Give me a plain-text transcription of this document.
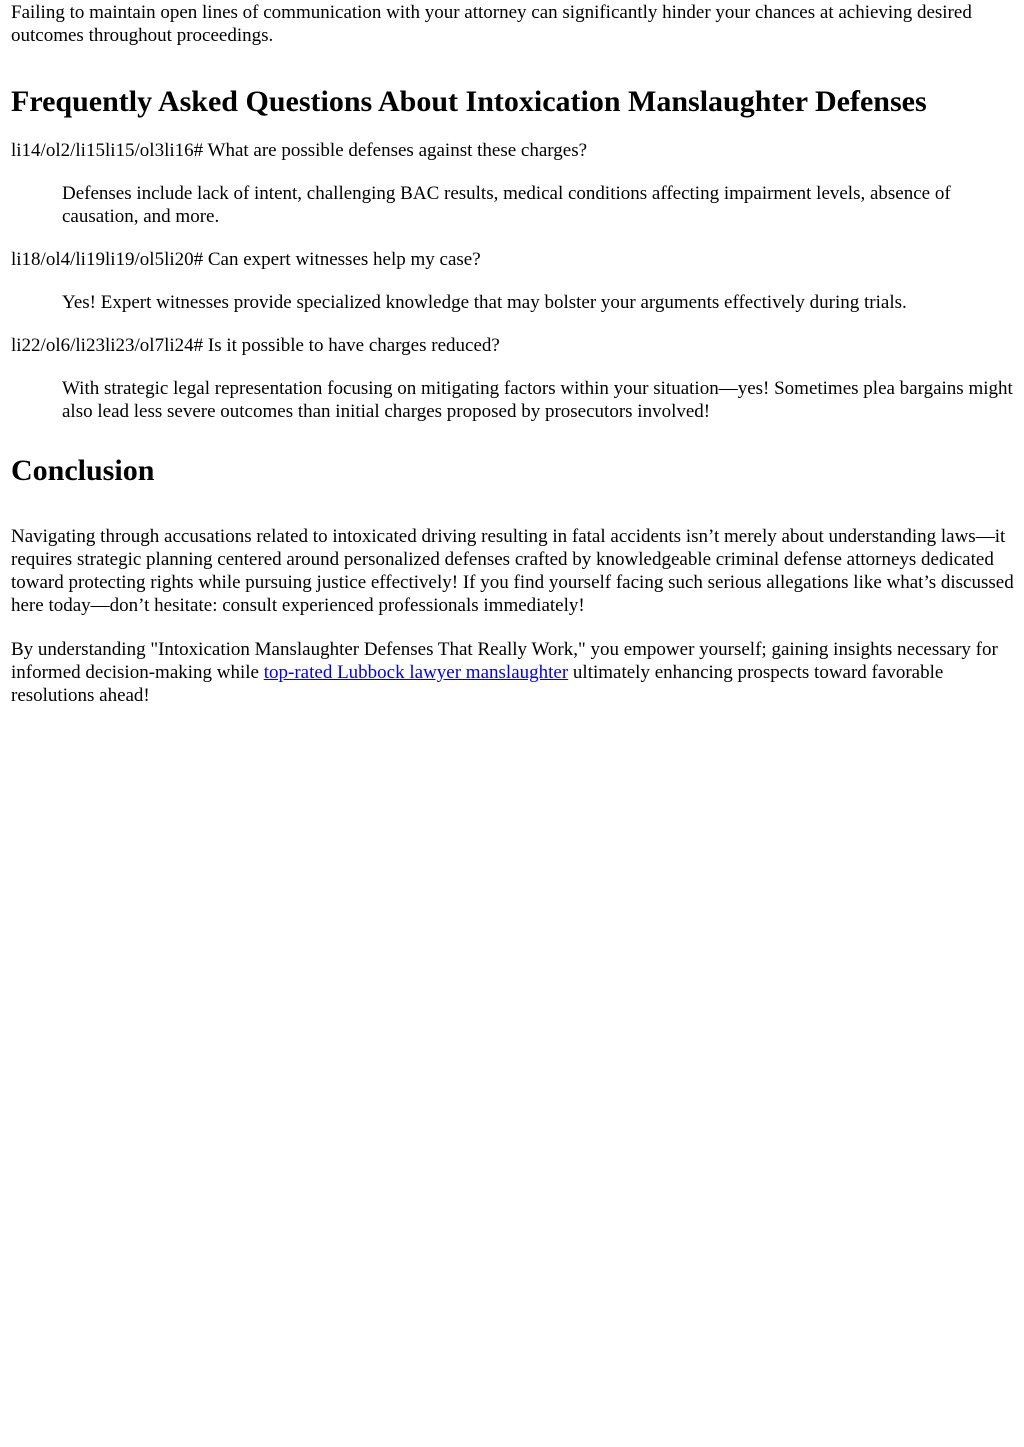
Failing to maintain open lines of communication with your attorney can significantly hinder your chances at achieving desired outcomes throughout proceedings.

Frequently Asked Questions About Intoxication Manslaughter Defenses

li14/ol2/li15li15/ol3li16# What are possible defenses against these charges?

Defenses include lack of intent, challenging BAC results, medical conditions affecting impairment levels, absence of causation, and more.

li18/ol4/li19li19/ol5li20# Can expert witnesses help my case?

Yes! Expert witnesses provide specialized knowledge that may bolster your arguments effectively during trials.

li22/ol6/li23li23/ol7li24# Is it possible to have charges reduced?

With strategic legal representation focusing on mitigating factors within your situation—yes! Sometimes plea bargains might also lead less severe outcomes than initial charges proposed by prosecutors involved!

Conclusion

Navigating through accusations related to intoxicated driving resulting in fatal accidents isn’t merely about understanding laws—it requires strategic planning centered around personalized defenses crafted by knowledgeable criminal defense attorneys dedicated toward protecting rights while pursuing justice effectively! If you find yourself facing such serious allegations like what’s discussed here today—don’t hesitate: consult experienced professionals immediately!

By understanding "Intoxication Manslaughter Defenses That Really Work," you empower yourself; gaining insights necessary for informed decision-making while top-rated Lubbock lawyer manslaughter ultimately enhancing prospects toward favorable resolutions ahead!
